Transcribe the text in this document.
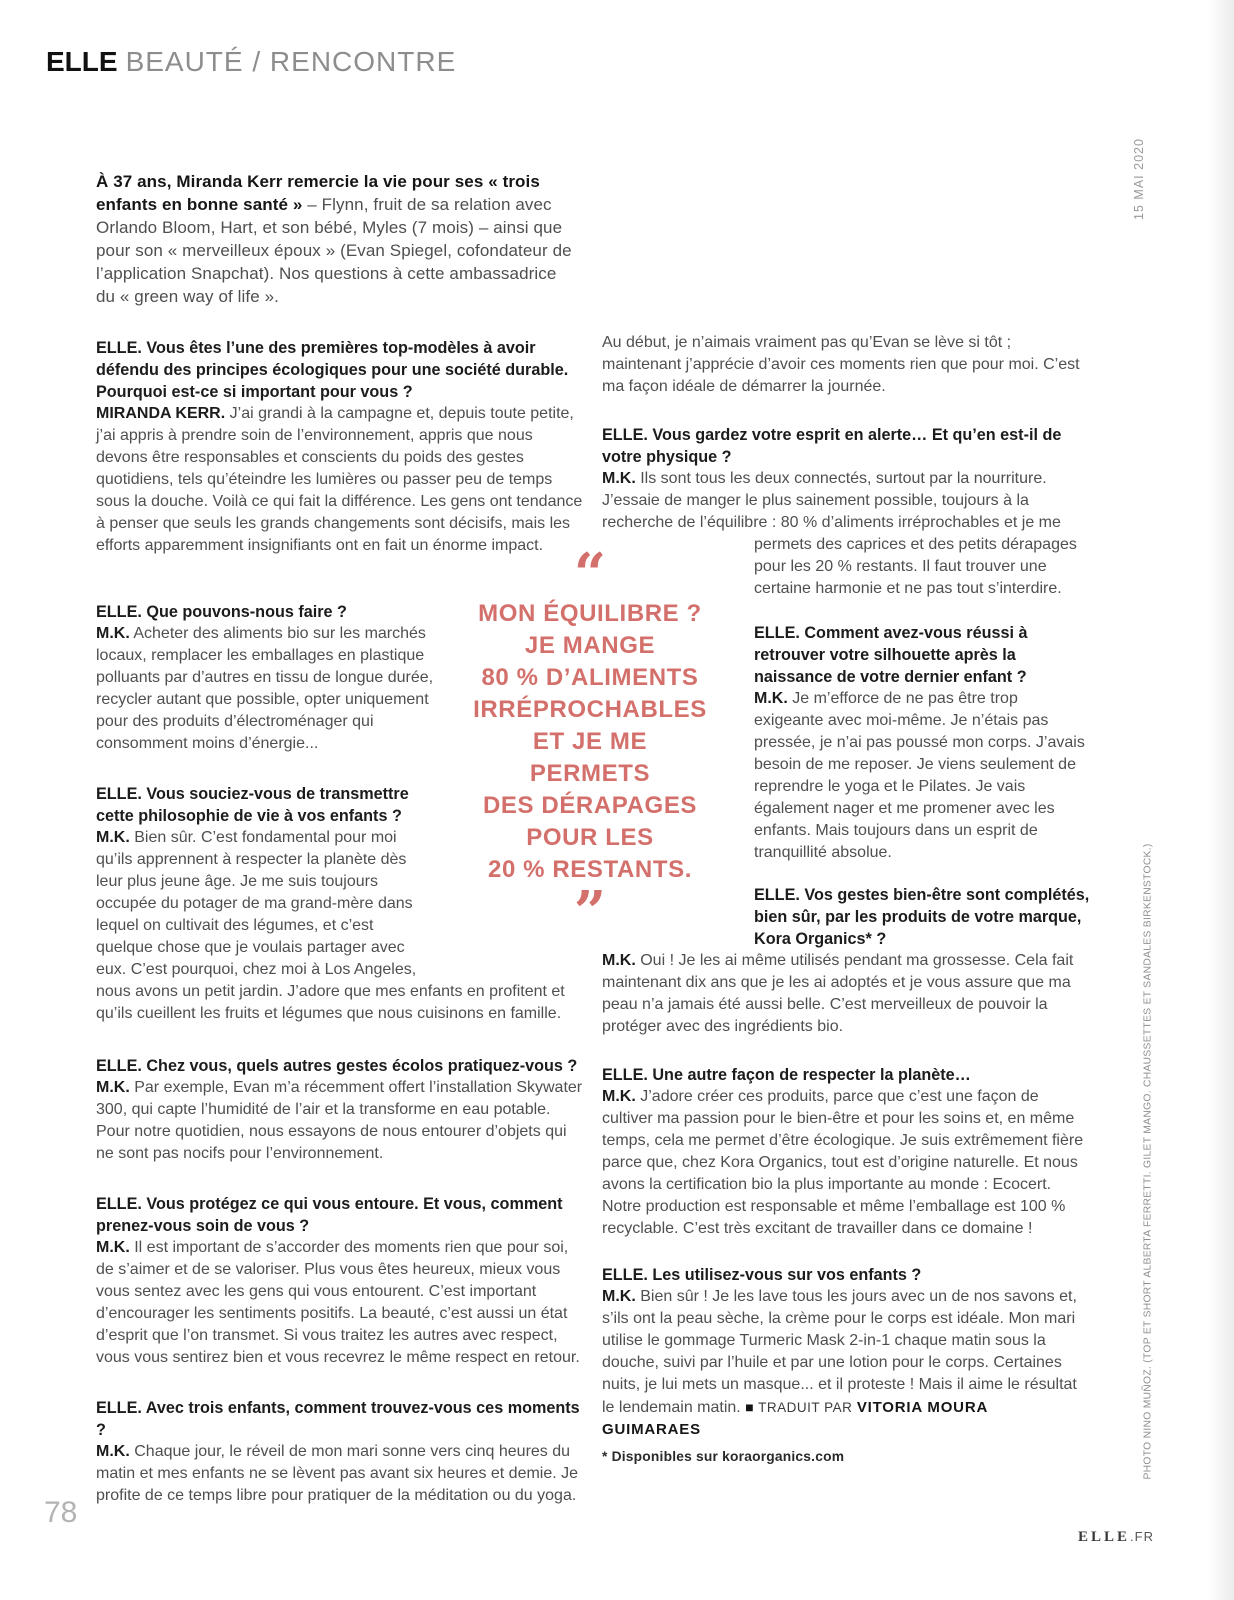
ELLE BEAUTÉ / RENCONTRE
15 MAI 2020
PHOTO NINO MUÑOZ. (TOP ET SHORT ALBERTA FERRETTI. GILET MANGO. CHAUSSETTES ET SANDALES BIRKENSTOCK.)
“
MON ÉQUILIBRE ?
JE MANGE
80 % D’ALIMENTS
IRRÉPROCHABLES
ET JE ME
PERMETS
DES DÉRAPAGES
POUR LES
20 % RESTANTS.
”

À 37 ans, Miranda Kerr remercie la vie pour ses « trois enfants en bonne santé » – Flynn, fruit de sa relation avec Orlando Bloom, Hart, et son bébé, Myles (7 mois) – ainsi que pour son « merveilleux époux » (Evan Spiegel, cofondateur de l’application Snapchat). Nos questions à cette ambassadrice du « green way of life ».

ELLE. Vous êtes l’une des premières top-modèles à avoir défendu des principes écologiques pour une société durable. Pourquoi est-ce si important pour vous ?

MIRANDA KERR. J’ai grandi à la campagne et, depuis toute petite, j’ai appris à prendre soin de l’environnement, appris que nous devons être responsables et conscients du poids des gestes quotidiens, tels qu’éteindre les lumières ou passer peu de temps sous la douche. Voilà ce qui fait la différence. Les gens ont tendance à penser que seuls les grands changements sont décisifs, mais les efforts apparemment insignifiants ont en fait un énorme impact.

ELLE. Que pouvons-nous faire ?

M.K. Acheter des aliments bio sur les marchés locaux, remplacer les emballages en plastique polluants par d’autres en tissu de longue durée, recycler autant que possible, opter uniquement pour des produits d’électroménager qui consomment moins d’énergie...

ELLE. Vous souciez-vous de transmettre cette philosophie de vie à vos enfants ?

M.K. Bien sûr. C’est fondamental pour moi qu’ils apprennent à respecter la planète dès leur plus jeune âge. Je me suis toujours occupée du potager de ma grand-mère dans lequel on cultivait des légumes, et c’est quelque chose que je voulais partager avec eux. C’est pourquoi, chez moi à Los Angeles, nous avons un petit jardin. J’adore que mes enfants en profitent et qu’ils cueillent les fruits et légumes que nous cuisinons en famille.

ELLE. Chez vous, quels autres gestes écolos pratiquez-vous ?

M.K. Par exemple, Evan m’a récemment offert l’installation Skywater 300, qui capte l’humidité de l’air et la transforme en eau potable. Pour notre quotidien, nous essayons de nous entourer d’objets qui ne sont pas nocifs pour l’environnement.

ELLE. Vous protégez ce qui vous entoure. Et vous, comment prenez-vous soin de vous ?

M.K. Il est important de s’accorder des moments rien que pour soi, de s’aimer et de se valoriser. Plus vous êtes heureux, mieux vous vous sentez avec les gens qui vous entourent. C’est important d’encourager les sentiments positifs. La beauté, c’est aussi un état d’esprit que l’on transmet. Si vous traitez les autres avec respect, vous vous sentirez bien et vous recevrez le même respect en retour.

ELLE. Avec trois enfants, comment trouvez-vous ces moments ?

M.K. Chaque jour, le réveil de mon mari sonne vers cinq heures du matin et mes enfants ne se lèvent pas avant six heures et demie. Je profite de ce temps libre pour pratiquer de la méditation ou du yoga.

Au début, je n’aimais vraiment pas qu’Evan se lève si tôt ; maintenant j’apprécie d’avoir ces moments rien que pour moi. C’est ma façon idéale de démarrer la journée.

ELLE. Vous gardez votre esprit en alerte… Et qu’en est-il de votre physique ?

M.K. Ils sont tous les deux connectés, surtout par la nourriture. J’essaie de manger le plus sainement possible, toujours à la recherche de l’équilibre : 80 % d’aliments irréprochables et je me permets des caprices et des petits dérapages pour les 20 % restants. Il faut trouver une certaine harmonie et ne pas tout s’interdire.

ELLE. Comment avez-vous réussi à retrouver votre silhouette après la naissance de votre dernier enfant ?

M.K. Je m’efforce de ne pas être trop exigeante avec moi-même. Je n’étais pas pressée, je n’ai pas poussé mon corps. J’avais besoin de me reposer. Je viens seulement de reprendre le yoga et le Pilates. Je vais également nager et me promener avec les enfants. Mais toujours dans un esprit de tranquillité absolue.

ELLE. Vos gestes bien-être sont complétés, bien sûr, par les produits de votre marque, Kora Organics* ?

M.K. Oui ! Je les ai même utilisés pendant ma grossesse. Cela fait maintenant dix ans que je les ai adoptés et je vous assure que ma peau n’a jamais été aussi belle. C’est merveilleux de pouvoir la protéger avec des ingrédients bio.

ELLE. Une autre façon de respecter la planète…

M.K. J’adore créer ces produits, parce que c’est une façon de cultiver ma passion pour le bien-être et pour les soins et, en même temps, cela me permet d’être écologique. Je suis extrêmement fière parce que, chez Kora Organics, tout est d’origine naturelle. Et nous avons la certification bio la plus importante au monde : Ecocert. Notre production est responsable et même l’emballage est 100 % recyclable. C’est très excitant de travailler dans ce domaine !

ELLE. Les utilisez-vous sur vos enfants ?

M.K. Bien sûr ! Je les lave tous les jours avec un de nos savons et, s’ils ont la peau sèche, la crème pour le corps est idéale. Mon mari utilise le gommage Turmeric Mask 2-in-1 chaque matin sous la douche, suivi par l’huile et par une lotion pour le corps. Certaines nuits, je lui mets un masque... et il proteste ! Mais il aime le résultat le lendemain matin. ■ TRADUIT PAR VITORIA MOURA GUIMARAES

* Disponibles sur koraorganics.com

78
ELLE.FR
